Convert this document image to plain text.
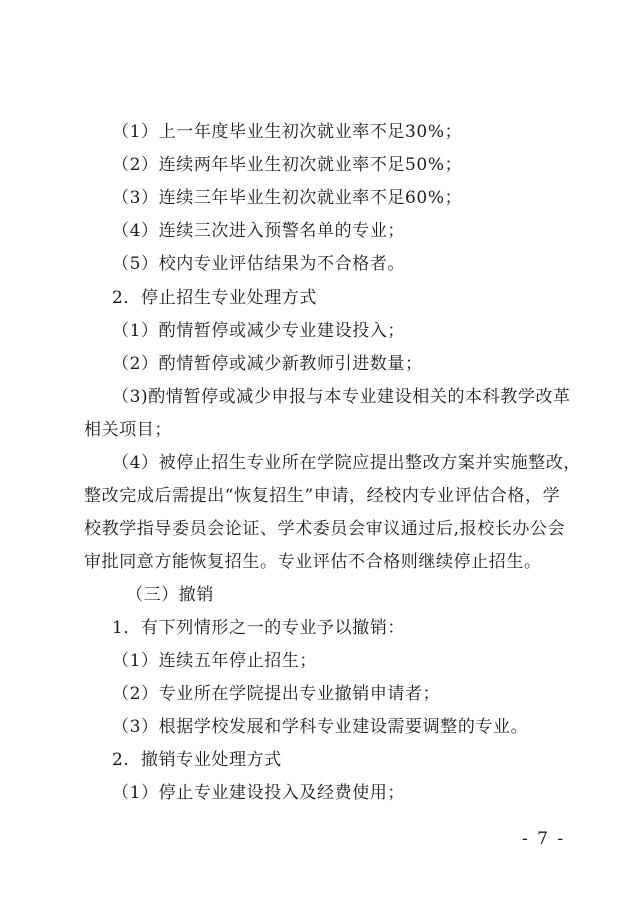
（1）上一年度毕业生初次就业率不足30%；
（2）连续两年毕业生初次就业率不足50%；
（3）连续三年毕业生初次就业率不足60%；
（4）连续三次进入预警名单的专业；
（5）校内专业评估结果为不合格者。
2．停止招生专业处理方式
（1）酌情暂停或减少专业建设投入；
（2）酌情暂停或减少新教师引进数量；
（3)酌情暂停或减少申报与本专业建设相关的本科教学改革
相关项目；
（4）被停止招生专业所在学院应提出整改方案并实施整改，
整改完成后需提出“恢复招生”申请，经校内专业评估合格，学
校教学指导委员会论证、学术委员会审议通过后,报校长办公会
审批同意方能恢复招生。专业评估不合格则继续停止招生。
（三）撤销
1．有下列情形之一的专业予以撤销：
（1）连续五年停止招生；
（2）专业所在学院提出专业撤销申请者；
（3）根据学校发展和学科专业建设需要调整的专业。
2．撤销专业处理方式
（1）停止专业建设投入及经费使用；
- 7 -
